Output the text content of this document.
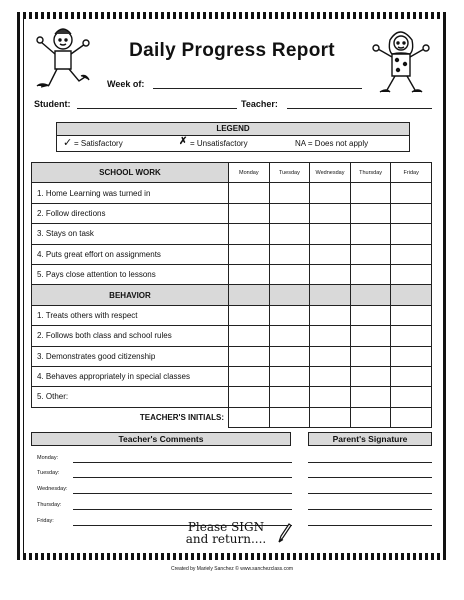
Daily Progress Report
Week of:
Student:	Teacher:
LEGEND
✓ = Satisfactory	✗ = Unsatisfactory	NA = Does not apply
SCHOOL WORK	Monday	Tuesday	Wednesday	Thursday	Friday
1. Home Learning was turned in					
2. Follow directions					
3. Stays on task					
4. Puts great effort on assignments					
5. Pays close attention to lessons					
BEHAVIOR					
1. Treats others with respect					
2. Follows both class and school rules					
3. Demonstrates good citizenship					
4. Behaves appropriately in special classes					
5. Other:					
TEACHER'S INITIALS:					
Teacher's Comments	Parent's Signature
Monday:
Tuesday:
Wednesday:
Thursday:
Friday:	Please SIGN
and return....
Created by Mariely Sanchez © www.sanchezclass.com
